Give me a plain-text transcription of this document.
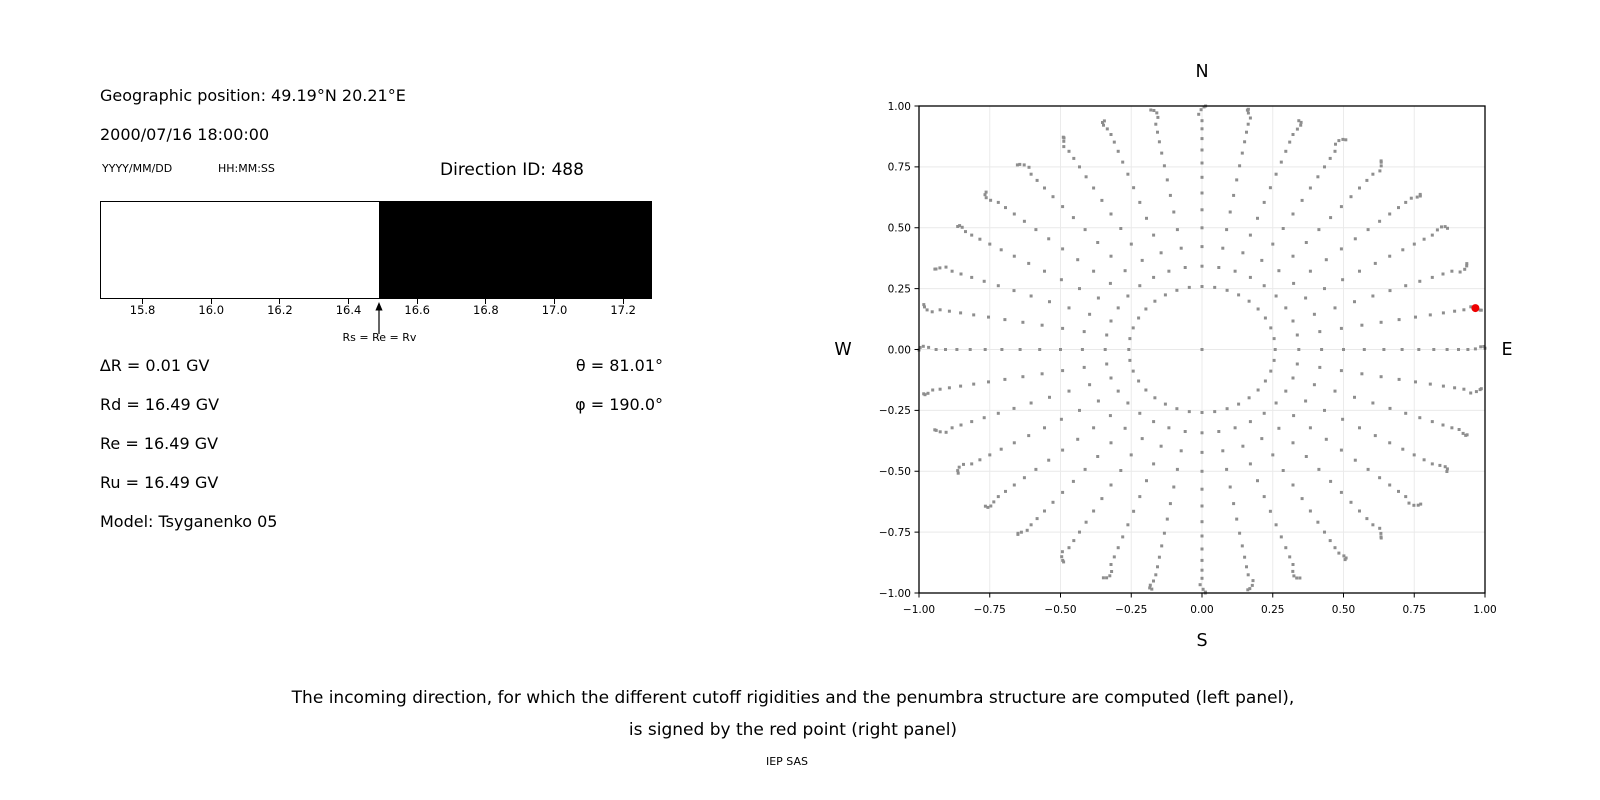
Geographic position: 49.19°N 20.21°E
2000/07/16 18:00:00
YYYY/MM/DD	HH:MM:SS	Direction ID: 488
15.8	16.0	16.2	16.4	16.6	16.8	17.0	17.2
Rs = Re = Rv
∆R = 0.01 GV
Rd = 16.49 GV
Re = 16.49 GV
Ru = 16.49 GV
Model: Tsyganenko 05
θ = 81.01°
φ = 190.0°
−1.00	−0.75	−0.50	−0.25	0.00	0.25	0.50	0.75	1.00
1.00
0.75
0.50
0.25
0.00
−0.25
−0.50
−0.75
−1.00
N
S
W	E
The incoming direction, for which the different cutoff rigidities and the penumbra structure are computed (left panel),
is signed by the red point (right panel)
IEP SAS
